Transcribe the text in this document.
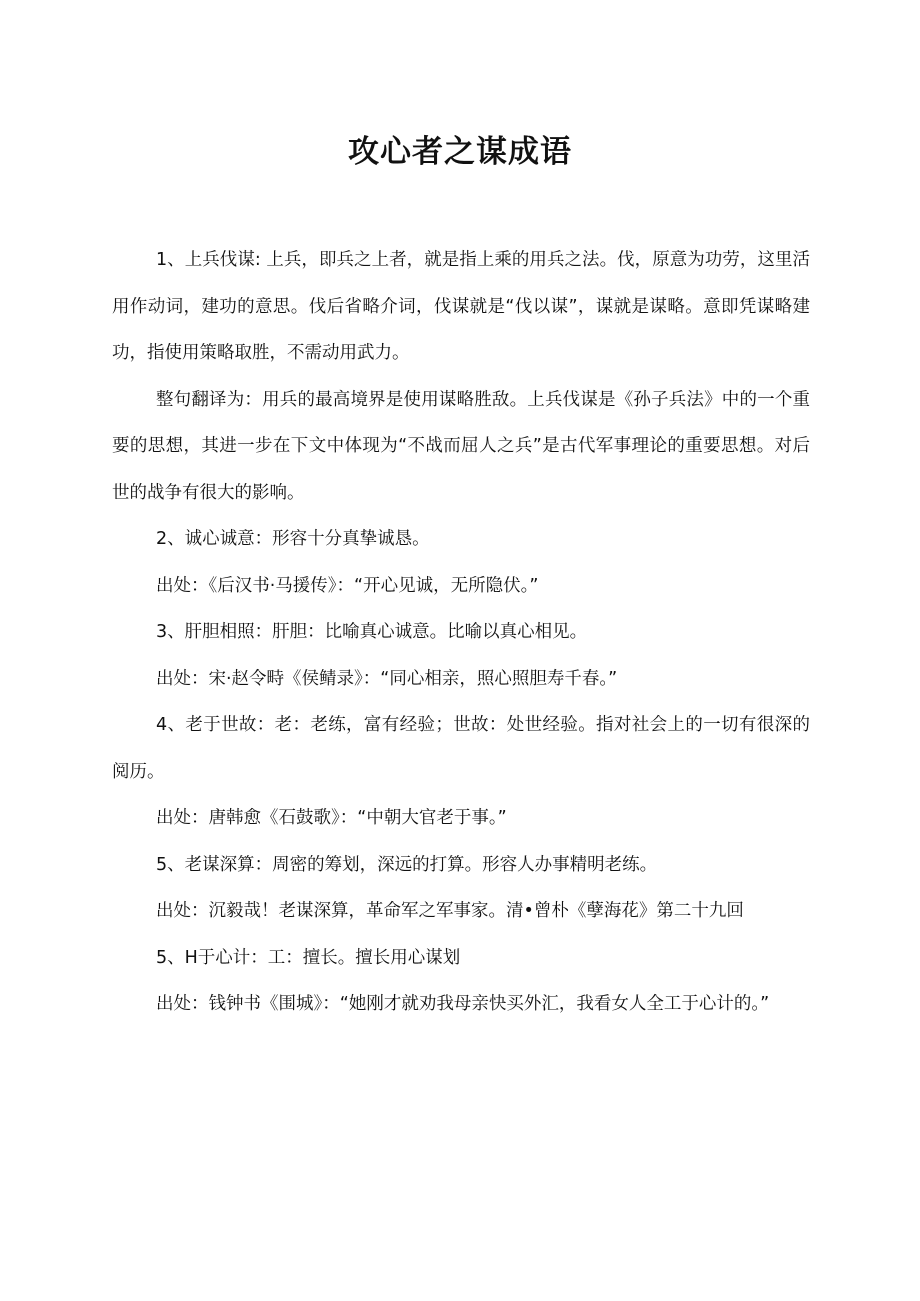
攻心者之谋成语

1、上兵伐谋: 上兵，即兵之上者，就是指上乘的用兵之法。伐，原意为功劳，这里活用作动词，建功的意思。伐后省略介词，伐谋就是“伐以谋”，谋就是谋略。意即凭谋略建功，指使用策略取胜，不需动用武力。

整句翻译为：用兵的最高境界是使用谋略胜敌。上兵伐谋是《孙子兵法》中的一个重要的思想，其进一步在下文中体现为“不战而屈人之兵”是古代军事理论的重要思想。对后世的战争有很大的影响。

2、诚心诚意：形容十分真挚诚恳。

出处：《后汉书·马援传》：“开心见诚，无所隐伏。”

3、肝胆相照：肝胆：比喻真心诚意。比喻以真心相见。

出处：宋·赵令畤《侯鲭录》：“同心相亲，照心照胆寿千春。”

4、老于世故：老：老练，富有经验；世故：处世经验。指对社会上的一切有很深的阅历。

出处：唐韩愈《石鼓歌》：“中朝大官老于事。”

5、老谋深算：周密的筹划，深远的打算。形容人办事精明老练。

出处：沉毅哉！老谋深算，革命军之军事家。清•曾朴《孽海花》第二十九回

5、H于心计：工：擅长。擅长用心谋划

出处：钱钟书《围城》：“她刚才就劝我母亲快买外汇，我看女人全工于心计的。”
